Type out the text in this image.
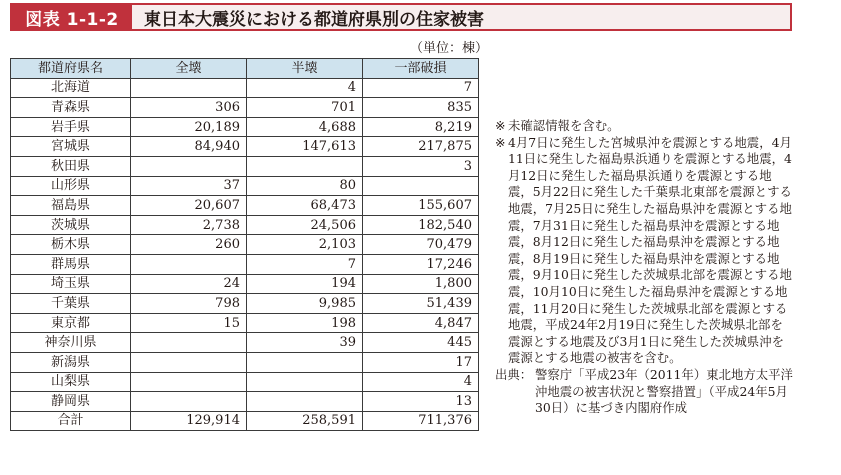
図表 1-1-2	東日本大震災における都道府県別の住家被害
（単位：棟）
都道府県名	全壊	半壊	一部破損
北海道		4	7
青森県	306	701	835
岩手県	20,189	4,688	8,219
宮城県	84,940	147,613	217,875
秋田県			3
山形県	37	80	
福島県	20,607	68,473	155,607
茨城県	2,738	24,506	182,540
栃木県	260	2,103	70,479
群馬県		7	17,246
埼玉県	24	194	1,800
千葉県	798	9,985	51,439
東京都	15	198	4,847
神奈川県		39	445
新潟県			17
山梨県			4
静岡県			13
合計	129,914	258,591	711,376

※ 未確認情報を含む。

※ 4月7日に発生した宮城県沖を震源とする地震，4月11日に発生した福島県浜通りを震源とする地震，4月12日に発生した福島県浜通りを震源とする地震，5月22日に発生した千葉県北東部を震源とする地震，7月25日に発生した福島県沖を震源とする地震，7月31日に発生した福島県沖を震源とする地震，8月12日に発生した福島県沖を震源とする地震，8月19日に発生した福島県沖を震源とする地震，9月10日に発生した茨城県北部を震源とする地震，10月10日に発生した福島県沖を震源とする地震，11月20日に発生した茨城県北部を震源とする地震，平成24年2月19日に発生した茨城県北部を震源とする地震及び3月1日に発生した茨城県沖を震源とする地震の被害を含む。

出典： 警察庁「平成23年（2011年）東北地方太平洋沖地震の被害状況と警察措置」（平成24年5月30日）に基づき内閣府作成
